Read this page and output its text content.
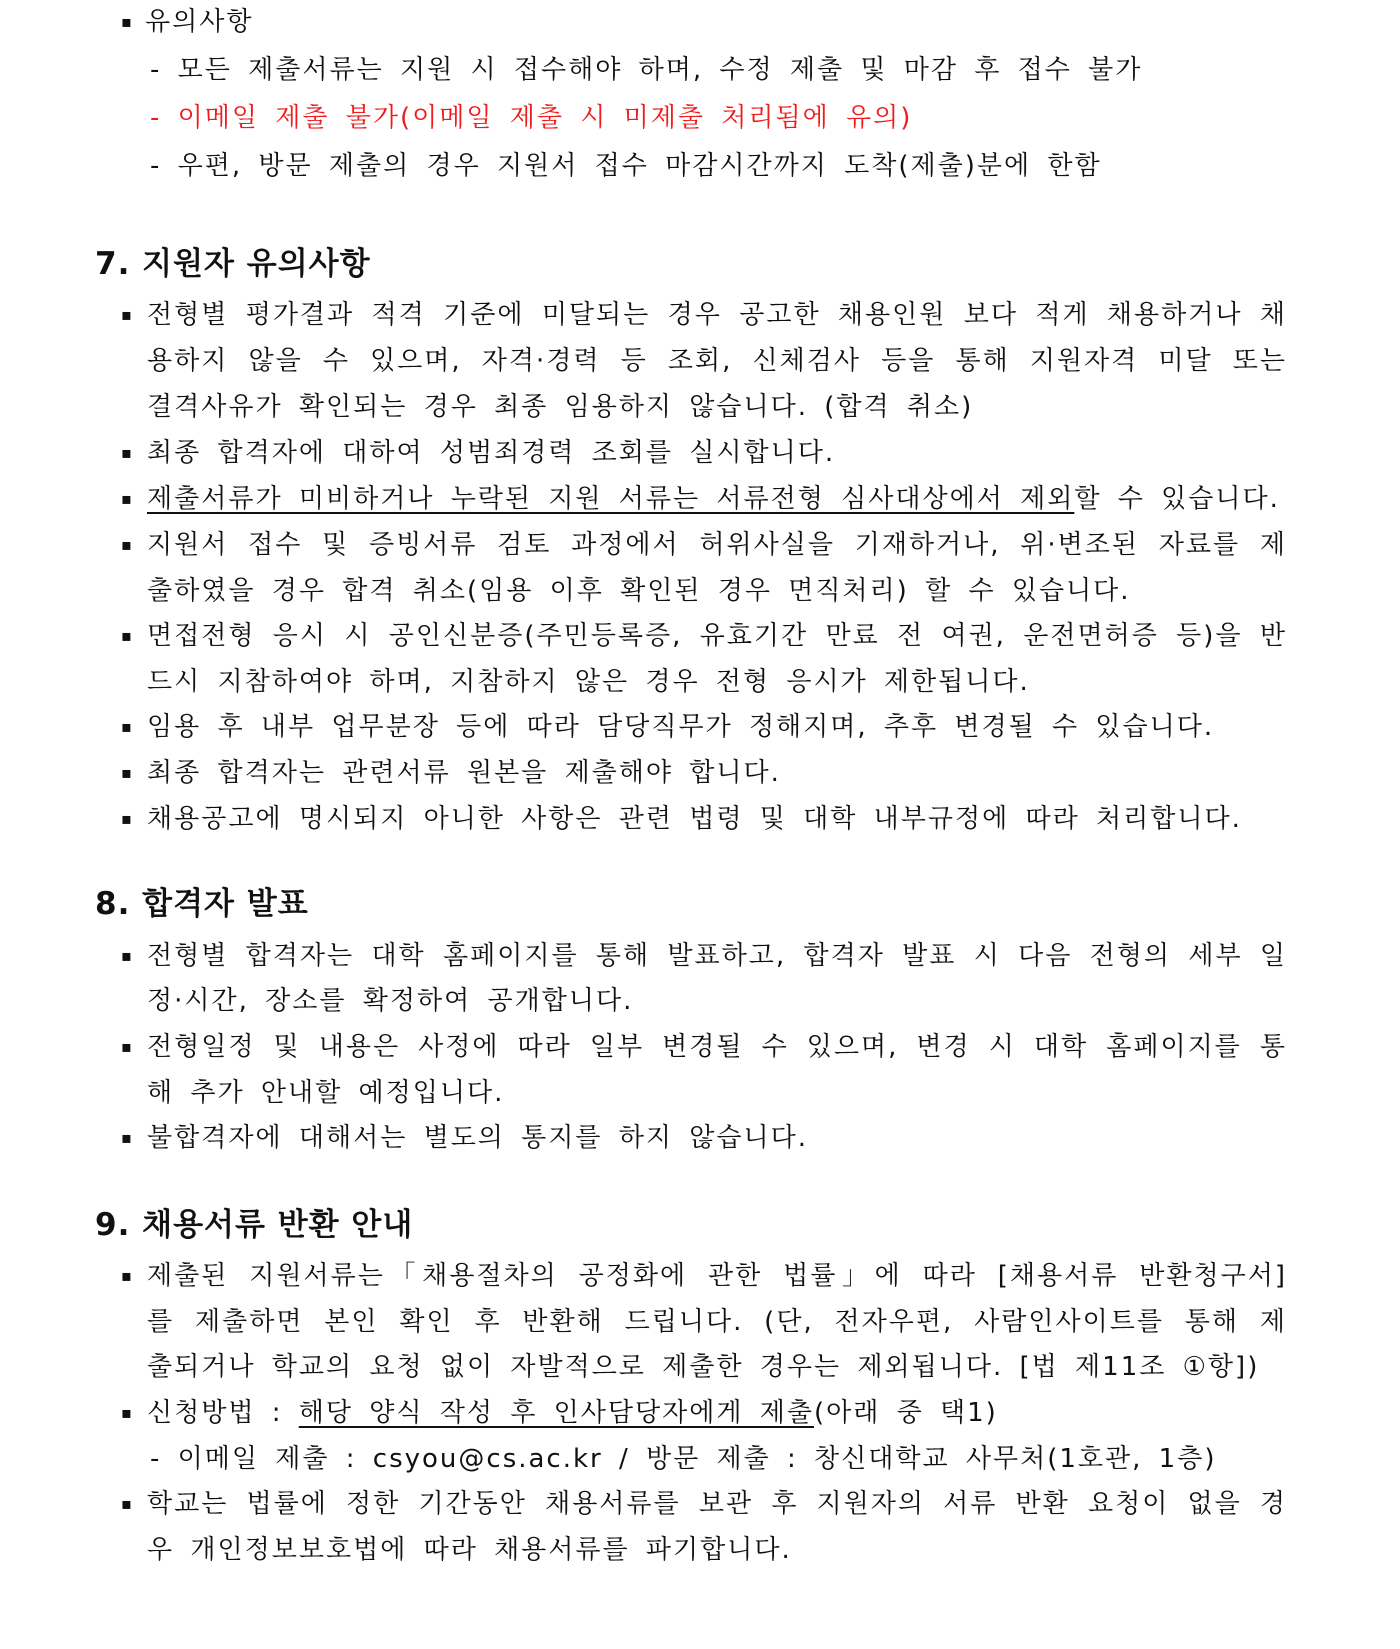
▪ 유의사항
- 모든 제출서류는 지원 시 접수해야 하며, 수정 제출 및 마감 후 접수 불가
- 이메일 제출 불가(이메일 제출 시 미제출 처리됨에 유의)
- 우편, 방문 제출의 경우 지원서 접수 마감시간까지 도착(제출)분에 한함
7. 지원자 유의사항
▪ 전형별 평가결과 적격 기준에 미달되는 경우 공고한 채용인원 보다 적게 채용하거나 채
용하지 않을 수 있으며, 자격·경력 등 조회, 신체검사 등을 통해 지원자격 미달 또는
결격사유가 확인되는 경우 최종 임용하지 않습니다. (합격 취소)
▪ 최종 합격자에 대하여 성범죄경력 조회를 실시합니다.
▪ 제출서류가 미비하거나 누락된 지원 서류는 서류전형 심사대상에서 제외할 수 있습니다.
▪ 지원서 접수 및 증빙서류 검토 과정에서 허위사실을 기재하거나, 위·변조된 자료를 제
출하였을 경우 합격 취소(임용 이후 확인된 경우 면직처리) 할 수 있습니다.
▪ 면접전형 응시 시 공인신분증(주민등록증, 유효기간 만료 전 여권, 운전면허증 등)을 반
드시 지참하여야 하며, 지참하지 않은 경우 전형 응시가 제한됩니다.
▪ 임용 후 내부 업무분장 등에 따라 담당직무가 정해지며, 추후 변경될 수 있습니다.
▪ 최종 합격자는 관련서류 원본을 제출해야 합니다.
▪ 채용공고에 명시되지 아니한 사항은 관련 법령 및 대학 내부규정에 따라 처리합니다.
8. 합격자 발표
▪ 전형별 합격자는 대학 홈페이지를 통해 발표하고, 합격자 발표 시 다음 전형의 세부 일
정·시간, 장소를 확정하여 공개합니다.
▪ 전형일정 및 내용은 사정에 따라 일부 변경될 수 있으며, 변경 시 대학 홈페이지를 통
해 추가 안내할 예정입니다.
▪ 불합격자에 대해서는 별도의 통지를 하지 않습니다.
9. 채용서류 반환 안내
▪ 제출된 지원서류는「채용절차의 공정화에 관한 법률」에 따라 [채용서류 반환청구서]
를 제출하면 본인 확인 후 반환해 드립니다. (단, 전자우편, 사람인사이트를 통해 제
출되거나 학교의 요청 없이 자발적으로 제출한 경우는 제외됩니다. [법 제11조 ①항])
▪ 신청방법 : 해당 양식 작성 후 인사담당자에게 제출(아래 중 택1)
- 이메일 제출 : csyou@cs.ac.kr / 방문 제출 : 창신대학교 사무처(1호관, 1층)
▪ 학교는 법률에 정한 기간동안 채용서류를 보관 후 지원자의 서류 반환 요청이 없을 경
우 개인정보보호법에 따라 채용서류를 파기합니다.
